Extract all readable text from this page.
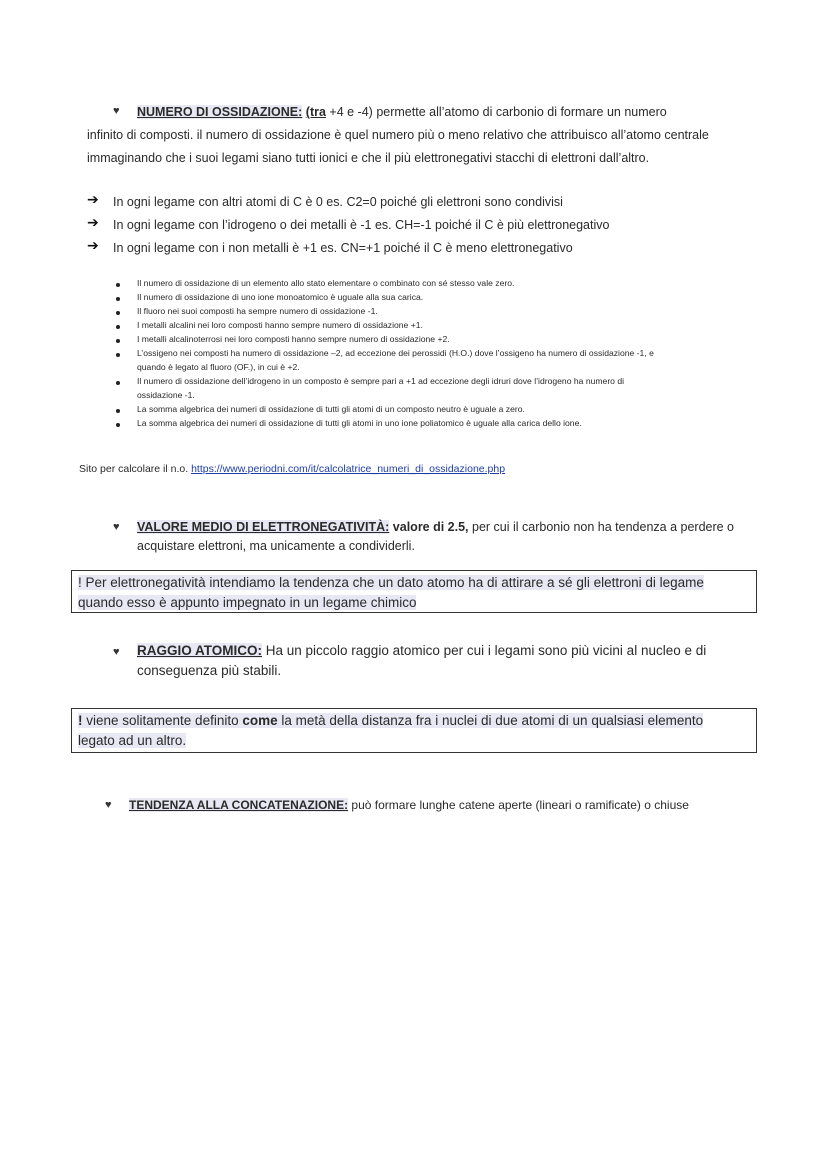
♥ NUMERO DI OSSIDAZIONE: (tra +4 e -4) permette all’atomo di carbonio di formare un numero
infinito di composti. il numero di ossidazione è quel numero più o meno relativo che attribuisco all’atomo centrale
immaginando che i suoi legami siano tutti ionici e che il più elettronegativi stacchi di elettroni dall’altro.
➔ In ogni legame con altri atomi di C è 0 es. C2=0 poiché gli elettroni sono condivisi
➔ In ogni legame con l’idrogeno o dei metalli è -1 es. CH=-1 poiché il C è più elettronegativo
➔ In ogni legame con i non metalli è +1 es. CN=+1 poiché il C è meno elettronegativo
Il numero di ossidazione di un elemento allo stato elementare o combinato con sé stesso vale zero.
Il numero di ossidazione di uno ione monoatomico è uguale alla sua carica.
Il fluoro nei suoi composti ha sempre numero di ossidazione -1.
I metalli alcalini nei loro composti hanno sempre numero di ossidazione +1.
I metalli alcalinoterrosi nei loro composti hanno sempre numero di ossidazione +2.
L’ossigeno nei composti ha numero di ossidazione –2, ad eccezione dei perossidi (H.O.) dove l’ossigeno ha numero di ossidazione -1, e
quando è legato al fluoro (OF.), in cui è +2.
Il numero di ossidazione dell’idrogeno in un composto è sempre pari a +1 ad eccezione degli idruri dove l’idrogeno ha numero di
ossidazione -1.
La somma algebrica dei numeri di ossidazione di tutti gli atomi di un composto neutro è uguale a zero.
La somma algebrica dei numeri di ossidazione di tutti gli atomi in uno ione poliatomico è uguale alla carica dello ione.
Sito per calcolare il n.o. https://www.periodni.com/it/calcolatrice_numeri_di_ossidazione.php
♥ VALORE MEDIO DI ELETTRONEGATIVITÀ: valore di 2.5, per cui il carbonio non ha tendenza a perdere o
acquistare elettroni, ma unicamente a condividerli.
! Per elettronegatività intendiamo la tendenza che un dato atomo ha di attirare a sé gli elettroni di legame
quando esso è appunto impegnato in un legame chimico
♥ RAGGIO ATOMICO: Ha un piccolo raggio atomico per cui i legami sono più vicini al nucleo e di
conseguenza più stabili.
! viene solitamente definito come la metà della distanza fra i nuclei di due atomi di un qualsiasi elemento
legato ad un altro.
♥ TENDENZA ALLA CONCATENAZIONE: può formare lunghe catene aperte (lineari o ramificate) o chiuse
